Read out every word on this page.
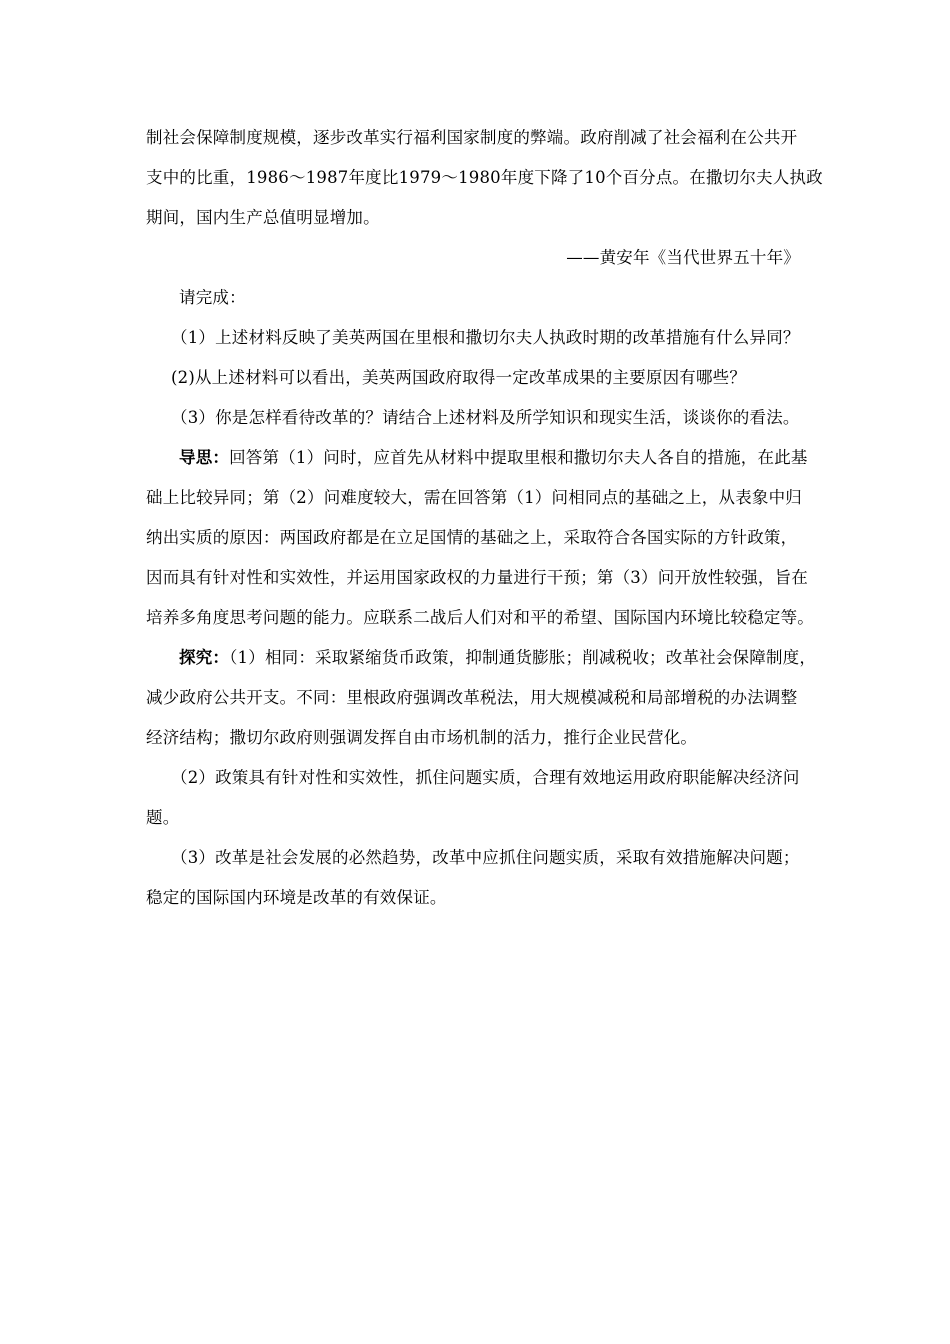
制社会保障制度规模，逐步改革实行福利国家制度的弊端。政府削减了社会福利在公共开
支中的比重，1986～1987年度比1979～1980年度下降了10个百分点。在撒切尔夫人执政
期间，国内生产总值明显增加。
——黄安年《当代世界五十年》
请完成：
（1）上述材料反映了美英两国在里根和撒切尔夫人执政时期的改革措施有什么异同？
(2)从上述材料可以看出，美英两国政府取得一定改革成果的主要原因有哪些？
（3）你是怎样看待改革的？请结合上述材料及所学知识和现实生活，谈谈你的看法。
导思：回答第（1）问时，应首先从材料中提取里根和撒切尔夫人各自的措施，在此基
础上比较异同；第（2）问难度较大，需在回答第（1）问相同点的基础之上，从表象中归
纳出实质的原因：两国政府都是在立足国情的基础之上，采取符合各国实际的方针政策，
因而具有针对性和实效性，并运用国家政权的力量进行干预；第（3）问开放性较强，旨在
培养多角度思考问题的能力。应联系二战后人们对和平的希望、国际国内环境比较稳定等。
探究：（1）相同：采取紧缩货币政策，抑制通货膨胀；削减税收；改革社会保障制度，
减少政府公共开支。不同：里根政府强调改革税法，用大规模减税和局部增税的办法调整
经济结构；撒切尔政府则强调发挥自由市场机制的活力，推行企业民营化。
（2）政策具有针对性和实效性，抓住问题实质，合理有效地运用政府职能解决经济问
题。
（3）改革是社会发展的必然趋势，改革中应抓住问题实质，采取有效措施解决问题；
稳定的国际国内环境是改革的有效保证。
